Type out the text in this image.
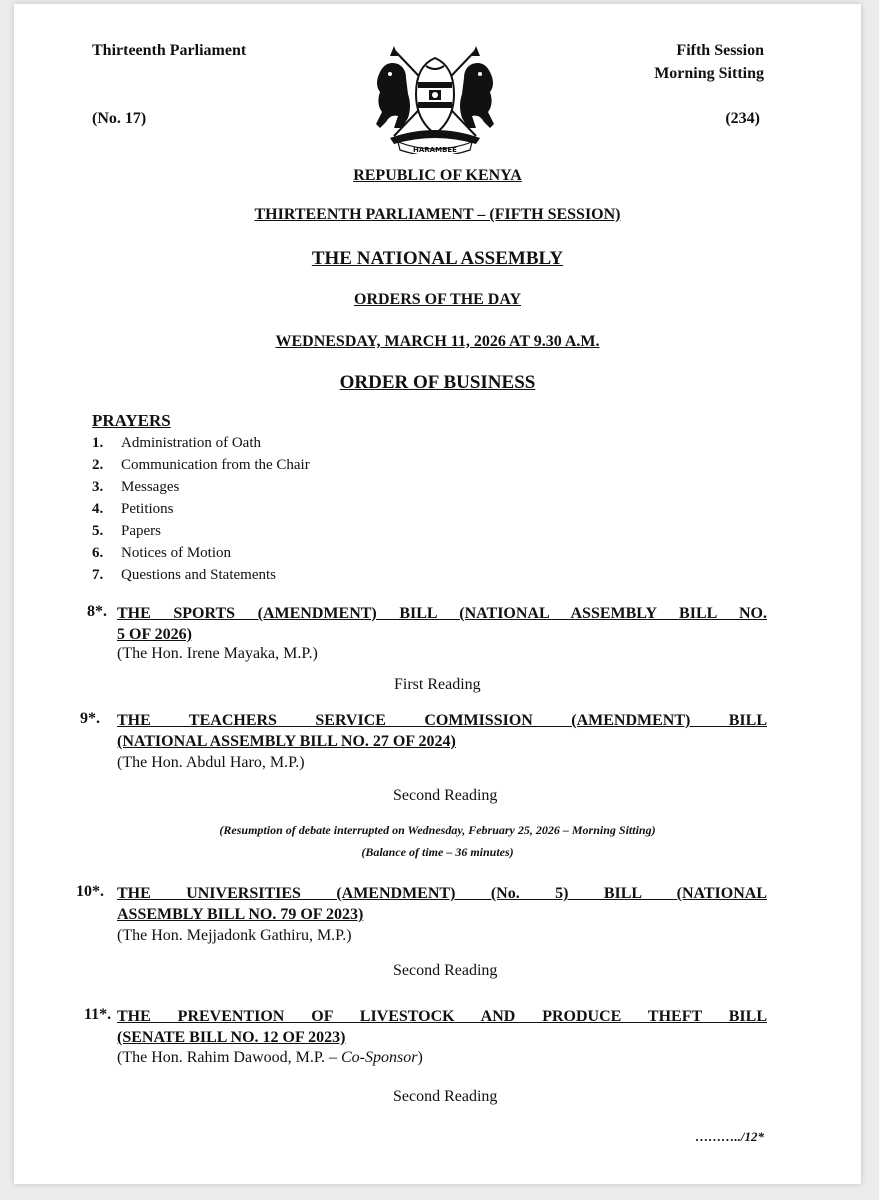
Thirteenth Parliament	Fifth Session
Morning Sitting
(No. 17)	(234)
HARAMBEE
REPUBLIC OF KENYA
THIRTEENTH PARLIAMENT – (FIFTH SESSION)
THE NATIONAL ASSEMBLY
ORDERS OF THE DAY
WEDNESDAY, MARCH 11, 2026 AT 9.30 A.M.
ORDER OF BUSINESS
PRAYERS
1. Administration of Oath
2. Communication from the Chair
3. Messages
4. Petitions
5. Papers
6. Notices of Motion
7. Questions and Statements
8*. THE SPORTS (AMENDMENT) BILL (NATIONAL ASSEMBLY BILL NO.
5 OF 2026)
(The Hon. Irene Mayaka, M.P.)
First Reading
9*. THE TEACHERS SERVICE COMMISSION (AMENDMENT) BILL
(NATIONAL ASSEMBLY BILL NO. 27 OF 2024)
(The Hon. Abdul Haro, M.P.)
Second Reading
(Resumption of debate interrupted on Wednesday, February 25, 2026 – Morning Sitting)
(Balance of time – 36 minutes)
10*. THE UNIVERSITIES (AMENDMENT) (No. 5) BILL (NATIONAL
ASSEMBLY BILL NO. 79 OF 2023)
(The Hon. Mejjadonk Gathiru, M.P.)
Second Reading
11*. THE PREVENTION OF LIVESTOCK AND PRODUCE THEFT BILL
(SENATE BILL NO. 12 OF 2023)
(The Hon. Rahim Dawood, M.P. – Co-Sponsor)
Second Reading
………../12*
